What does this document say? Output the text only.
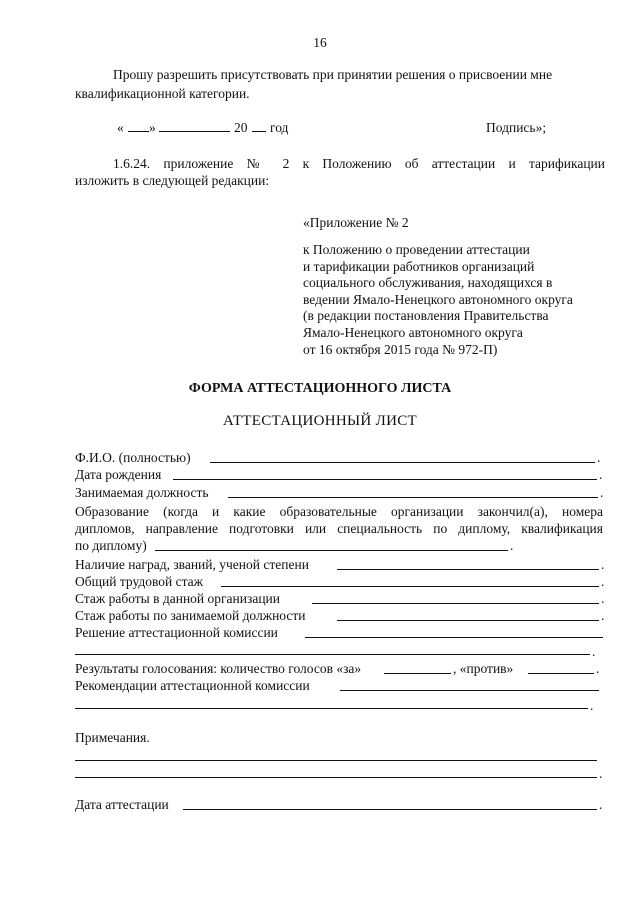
16
Прошу разрешить присутствовать при принятии решения о присвоении мне
квалификационной категории.
« »	20 год	Подпись»;
1.6.24. приложение № 2 к Положению об аттестации и тарификации
изложить в следующей редакции:
«Приложение № 2
к Положению о проведении аттестации
и тарификации работников организаций
социального обслуживания, находящихся в
ведении Ямало-Ненецкого автономного округа
(в редакции постановления Правительства
Ямало-Ненецкого автономного округа
от 16 октября 2015 года № 972-П)
ФОРМА АТТЕСТАЦИОННОГО ЛИСТА
АТТЕСТАЦИОННЫЙ ЛИСТ
Ф.И.О. (полностью)	.
Дата рождения	.
Занимаемая должность	.
Образование (когда и какие образовательные организации закончил(а), номера
дипломов, направление подготовки или специальность по диплому, квалификация
по диплому)	.
Наличие наград, званий, ученой степени	.
Общий трудовой стаж	.
Стаж работы в данной организации	.
Стаж работы по занимаемой должности	.
Решение аттестационной комиссии
.
Результаты голосования: количество голосов «за»	, «против»	.
Рекомендации аттестационной комиссии
.
Примечания.
.
Дата аттестации	.
